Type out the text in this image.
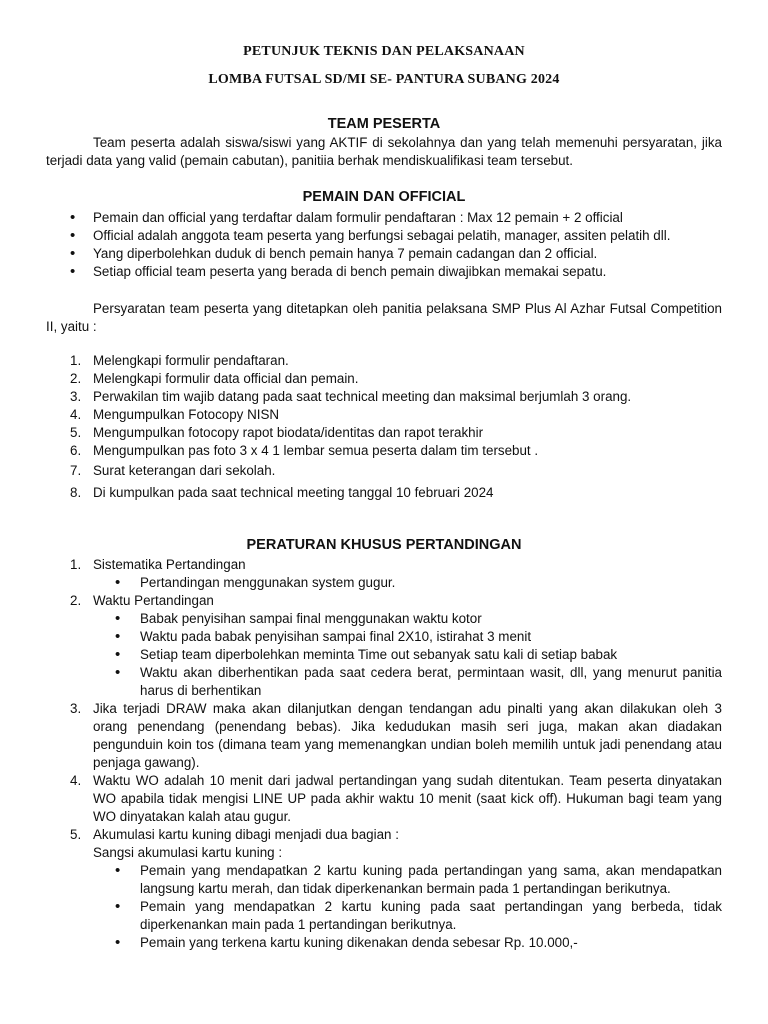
PETUNJUK TEKNIS DAN PELAKSANAAN

LOMBA FUTSAL SD/MI SE- PANTURA SUBANG 2024

TEAM PESERTA

Team peserta adalah siswa/siswi yang AKTIF di sekolahnya dan yang telah memenuhi persyaratan, jika terjadi data yang valid (pemain cabutan), panitiia berhak mendiskualifikasi team tersebut.

PEMAIN DAN OFFICIAL

• Pemain dan official yang terdaftar dalam formulir pendaftaran : Max 12 pemain + 2 official
• Official adalah anggota team peserta yang berfungsi sebagai pelatih, manager, assiten pelatih dll.
• Yang diperbolehkan duduk di bench pemain hanya 7 pemain cadangan dan 2 official.
• Setiap official team peserta yang berada di bench pemain diwajibkan memakai sepatu.

Persyaratan team peserta yang ditetapkan oleh panitia pelaksana SMP Plus Al Azhar Futsal Competition II, yaitu :

1. Melengkapi formulir pendaftaran.
2. Melengkapi formulir data official dan pemain.
3. Perwakilan tim wajib datang pada saat technical meeting dan maksimal berjumlah 3 orang.
4. Mengumpulkan Fotocopy NISN
5. Mengumpulkan fotocopy rapot biodata/identitas dan rapot terakhir
6. Mengumpulkan pas foto 3 x 4 1 lembar semua peserta dalam tim tersebut .
7. Surat keterangan dari sekolah.
8. Di kumpulkan pada saat technical meeting tanggal 10 februari 2024

PERATURAN KHUSUS PERTANDINGAN

1. Sistematika Pertandingan
• Pertandingan menggunakan system gugur.
2. Waktu Pertandingan
• Babak penyisihan sampai final menggunakan waktu kotor
• Waktu pada babak penyisihan sampai final 2X10, istirahat 3 menit
• Setiap team diperbolehkan meminta Time out sebanyak satu kali di setiap babak
• Waktu akan diberhentikan pada saat cedera berat, permintaan wasit, dll, yang menurut panitia harus di berhentikan
3. Jika terjadi DRAW maka akan dilanjutkan dengan tendangan adu pinalti yang akan dilakukan oleh 3 orang penendang (penendang bebas). Jika kedudukan masih seri juga, makan akan diadakan pengunduin koin tos (dimana team yang memenangkan undian boleh memilih untuk jadi penendang atau penjaga gawang).
4. Waktu WO adalah 10 menit dari jadwal pertandingan yang sudah ditentukan. Team peserta dinyatakan WO apabila tidak mengisi LINE UP pada akhir waktu 10 menit (saat kick off). Hukuman bagi team yang WO dinyatakan kalah atau gugur.
5. Akumulasi kartu kuning dibagi menjadi dua bagian :
Sangsi akumulasi kartu kuning :
• Pemain yang mendapatkan 2 kartu kuning pada pertandingan yang sama, akan mendapatkan langsung kartu merah, dan tidak diperkenankan bermain pada 1 pertandingan berikutnya.
• Pemain yang mendapatkan 2 kartu kuning pada saat pertandingan yang berbeda, tidak diperkenankan main pada 1 pertandingan berikutnya.
• Pemain yang terkena kartu kuning dikenakan denda sebesar Rp. 10.000,-
